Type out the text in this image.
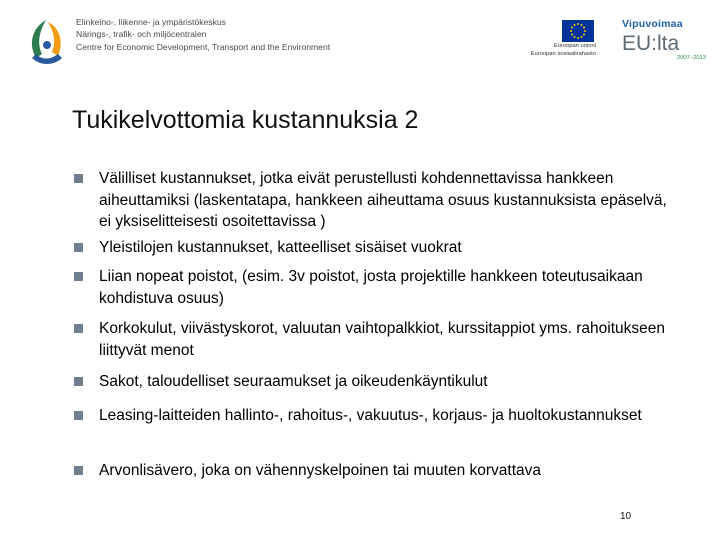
Elinkeino-, liikenne- ja ympäristökeskus
Närings-, trafik- och miljöcentralen
Centre for Economic Development, Transport and the Environment	Euroopan unioni
Euroopan sosiaalirahasto
Vipuvoimaa
EU:lta
2007–2013
Tukikelvottomia kustannuksia 2
Välilliset kustannukset, jotka eivät perustellusti kohdennettavissa hankkeen aiheuttamiksi (laskentatapa, hankkeen aiheuttama osuus kustannuksista epäselvä, ei yksiselitteisesti osoitettavissa )
Yleistilojen kustannukset, katteelliset sisäiset vuokrat
Liian nopeat poistot, (esim. 3v poistot, josta projektille hankkeen toteutusaikaan kohdistuva osuus)
Korkokulut, viivästyskorot, valuutan vaihtopalkkiot, kurssitappiot yms. rahoitukseen liittyvät menot
Sakot, taloudelliset seuraamukset ja oikeudenkäyntikulut
Leasing-laitteiden hallinto-, rahoitus-, vakuutus-, korjaus- ja huoltokustannukset
Arvonlisävero, joka on vähennyskelpoinen tai muuten korvattava
10
